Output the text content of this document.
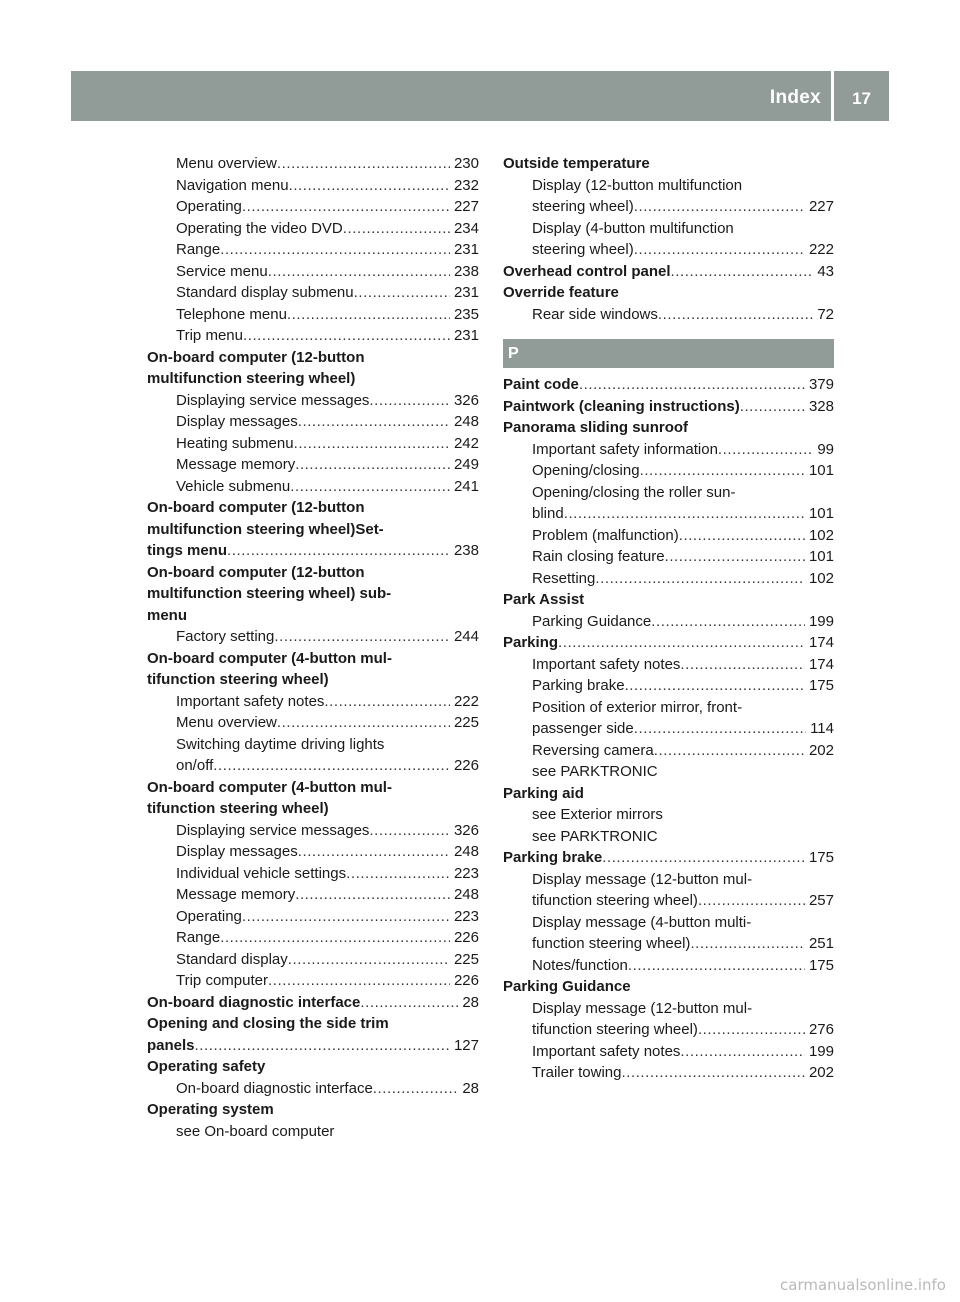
Index 17
Menu overview . . .	230
Navigation menu . . .	232
Operating . . .	227
Operating the video DVD . . .	234
Range . . .	231
Service menu . . .	238
Standard display submenu . . .	231
Telephone menu . . .	235
Trip menu . . .	231
On-board computer (12-button
multifunction steering wheel)
Displaying service messages . . .	326
Display messages . . .	248
Heating submenu . . .	242
Message memory . . .	249
Vehicle submenu . . .	241
On-board computer (12-button
multifunction steering wheel)Set-
tings menu . . .	238
On-board computer (12-button
multifunction steering wheel) sub-
menu
Factory setting . . .	244
On-board computer (4-button mul-
tifunction steering wheel)
Important safety notes . . .	222
Menu overview . . .	225
Switching daytime driving lights
on/off . . .	226
On-board computer (4-button mul-
tifunction steering wheel)
Displaying service messages . . .	326
Display messages . . .	248
Individual vehicle settings . . .	223
Message memory . . .	248
Operating . . .	223
Range . . .	226
Standard display . . .	225
Trip computer . . .	226
On-board diagnostic interface . . .	28
Opening and closing the side trim
panels . . .	127
Operating safety
On-board diagnostic interface . . .	28
Operating system
see On-board computer
Outside temperature
Display (12-button multifunction
steering wheel) . . .	227
Display (4-button multifunction
steering wheel) . . .	222
Overhead control panel . . .	43
Override feature
Rear side windows . . .	72
P
Paint code . . .	379
Paintwork (cleaning instructions) . . .	328
Panorama sliding sunroof
Important safety information . . .	99
Opening/closing . . .	101
Opening/closing the roller sun-
blind . . .	101
Problem (malfunction) . . .	102
Rain closing feature . . .	101
Resetting . . .	102
Park Assist
Parking Guidance . . .	199
Parking . . .	174
Important safety notes . . .	174
Parking brake . . .	175
Position of exterior mirror, front-
passenger side . . .	114
Reversing camera . . .	202
see PARKTRONIC
Parking aid
see Exterior mirrors
see PARKTRONIC
Parking brake . . .	175
Display message (12-button mul-
tifunction steering wheel) . . .	257
Display message (4-button multi-
function steering wheel) . . .	251
Notes/function . . .	175
Parking Guidance
Display message (12-button mul-
tifunction steering wheel) . . .	276
Important safety notes . . .	199
Trailer towing . . .	202
carmanualsonline.info
